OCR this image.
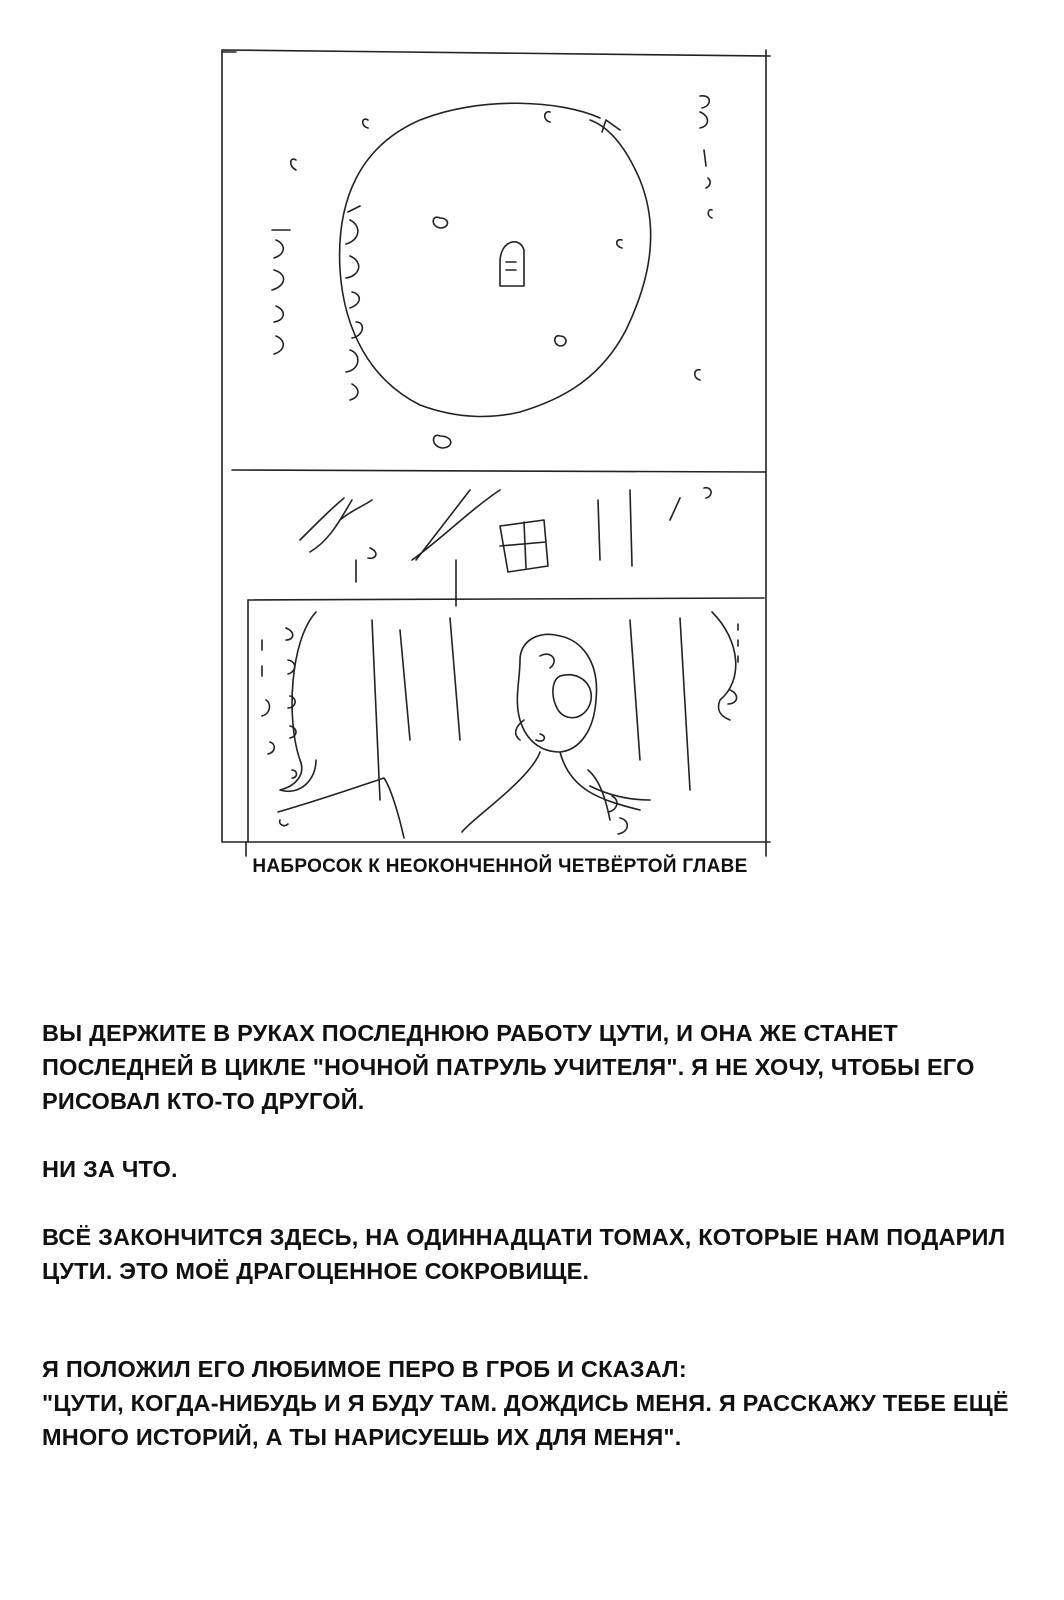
НАБРОСОК К НЕОКОНЧЕННОЙ ЧЕТВЁРТОЙ ГЛАВЕ

ВЫ ДЕРЖИТЕ В РУКАХ ПОСЛЕДНЮЮ РАБОТУ ЦУТИ, И ОНА ЖЕ СТАНЕТ ПОСЛЕДНЕЙ В ЦИКЛЕ "НОЧНОЙ ПАТРУЛЬ УЧИТЕЛЯ". Я НЕ ХОЧУ, ЧТОБЫ ЕГО РИСОВАЛ КТО-ТО ДРУГОЙ.

НИ ЗА ЧТО.

ВСЁ ЗАКОНЧИТСЯ ЗДЕСЬ, НА ОДИННАДЦАТИ ТОМАХ, КОТОРЫЕ НАМ ПОДАРИЛ ЦУТИ. ЭТО МОЁ ДРАГОЦЕННОЕ СОКРОВИЩЕ.

Я ПОЛОЖИЛ ЕГО ЛЮБИМОЕ ПЕРО В ГРОБ И СКАЗАЛ:

"ЦУТИ, КОГДА-НИБУДЬ И Я БУДУ ТАМ. ДОЖДИСЬ МЕНЯ. Я РАССКАЖУ ТЕБЕ ЕЩЁ МНОГО ИСТОРИЙ, А ТЫ НАРИСУЕШЬ ИХ ДЛЯ МЕНЯ".
